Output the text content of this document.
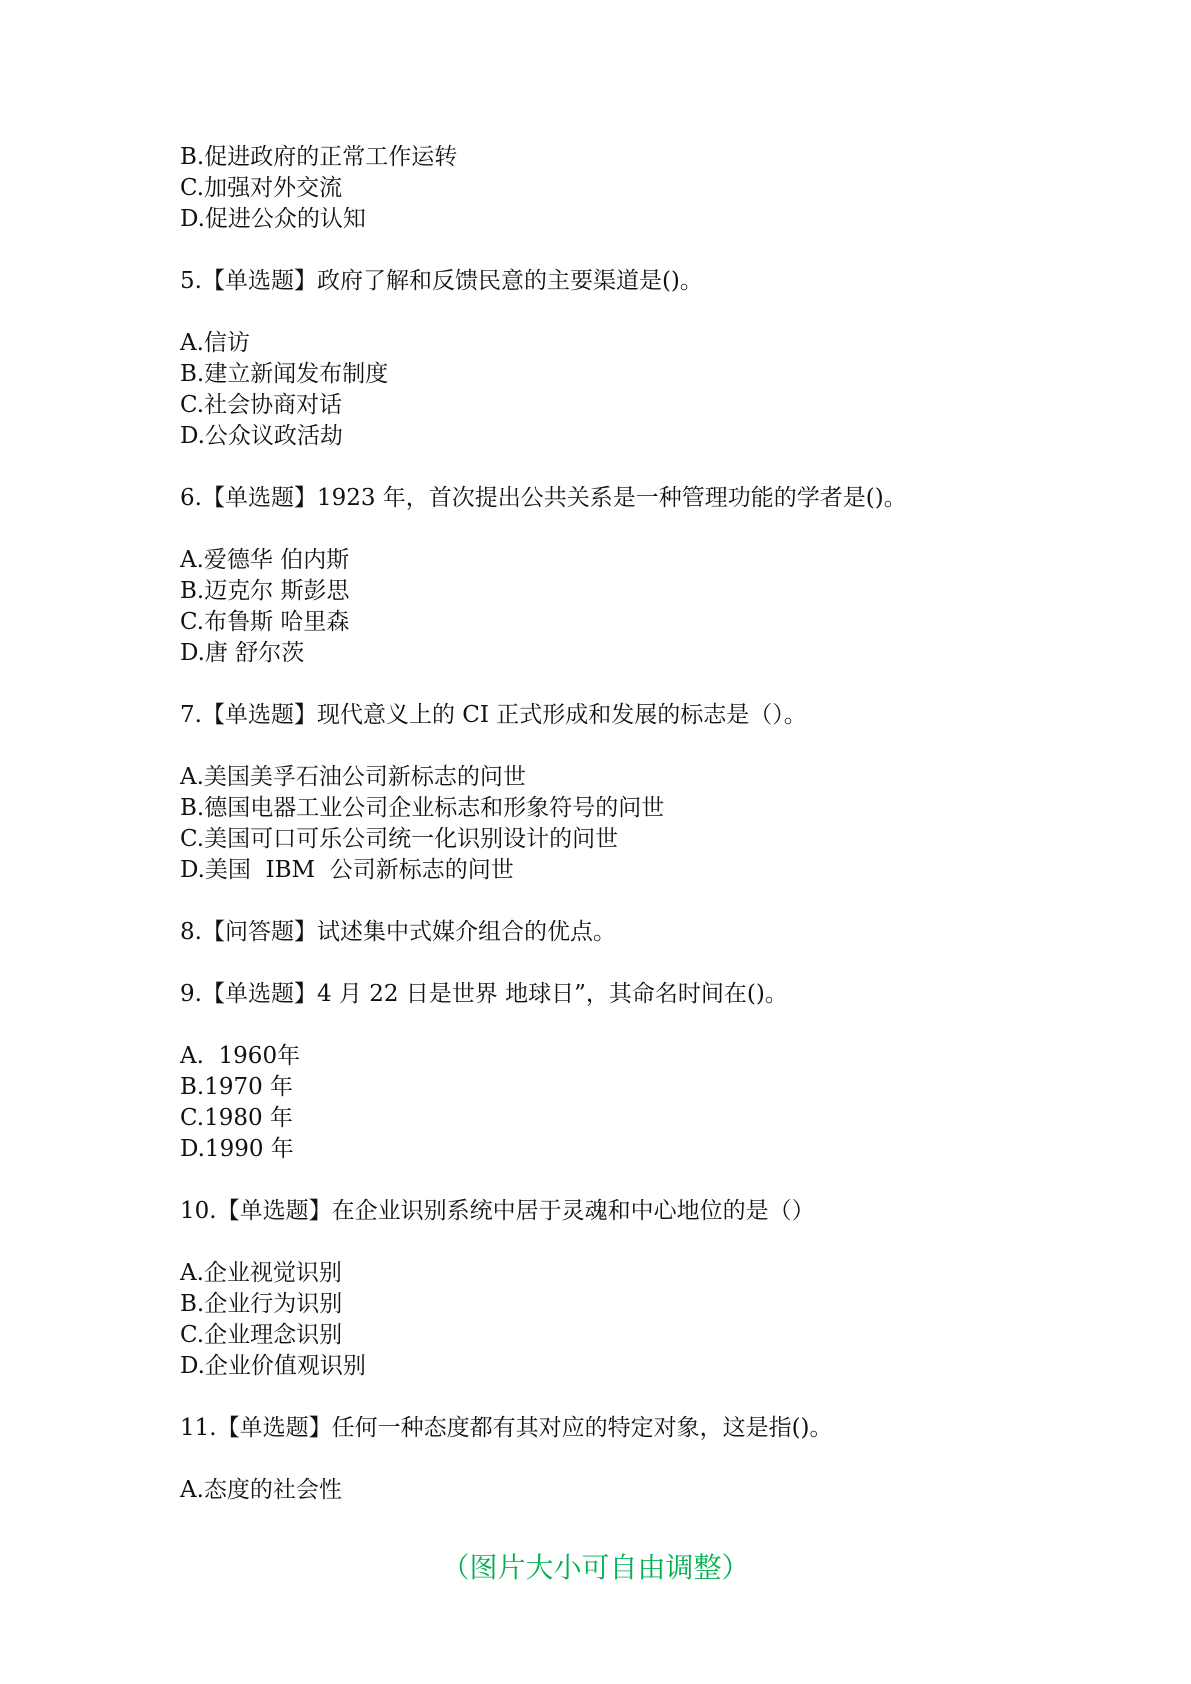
B.促进政府的正常工作运转
C.加强对外交流
D.促进公众的认知
5.【单选题】政府了解和反馈民意的主要渠道是()。
A.信访
B.建立新闻发布制度
C.社会协商对话
D.公众议政活劫
6.【单选题】1923 年，首次提出公共关系是一种管理功能的学者是()。
A.爱德华 伯内斯
B.迈克尔 斯彭思
C.布鲁斯 哈里森
D.唐 舒尔茨
7.【单选题】现代意义上的 CI 正式形成和发展的标志是（）。
A.美国美孚石油公司新标志的问世
B.德国电器工业公司企业标志和形象符号的问世
C.美国可口可乐公司统一化识别设计的问世
D.美国  IBM  公司新标志的问世
8.【问答题】试述集中式媒介组合的优点。
9.【单选题】4 月 22 日是世界 地球日”，其命名时间在()。
A.  1960年
B.1970 年
C.1980 年
D.1990 年
10.【单选题】在企业识别系统中居于灵魂和中心地位的是（）
A.企业视觉识别
B.企业行为识别
C.企业理念识别
D.企业价值观识别
11.【单选题】任何一种态度都有其对应的特定对象，这是指()。
A.态度的社会性
（图片大小可自由调整）
